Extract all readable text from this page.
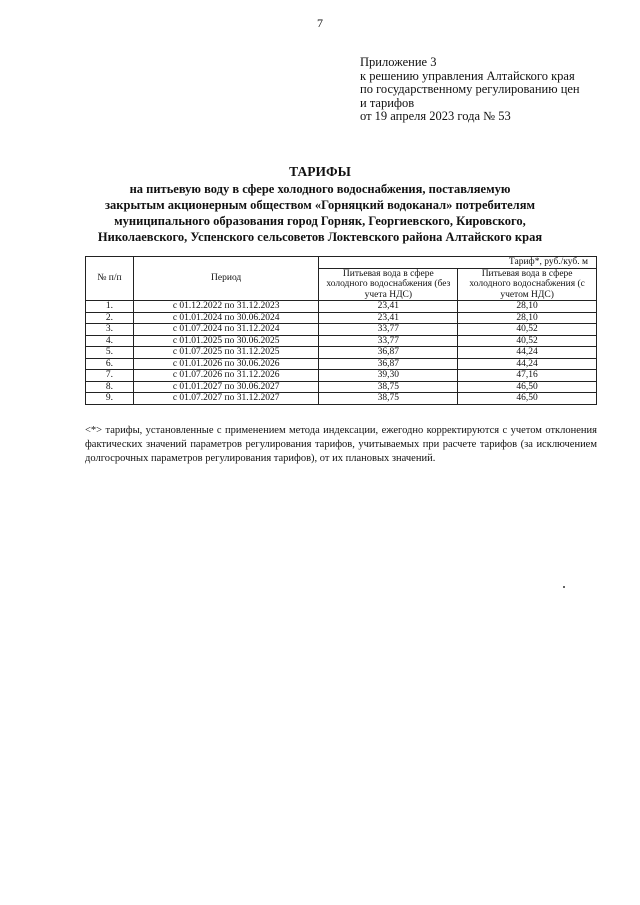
7
Приложение 3
к решению управления Алтайского края
по государственному регулированию цен
и тарифов
от 19 апреля 2023 года № 53
ТАРИФЫ
на питьевую воду в сфере холодного водоснабжения, поставляемую
закрытым акционерным обществом «Горняцкий водоканал» потребителям
муниципального образования город Горняк, Георгиевского, Кировского,
Николаевского, Успенского сельсоветов Локтевского района Алтайского края
№ п/п	Период	Тариф*, руб./куб. м	
		Питьевая вода в сфере холодного водоснабжения (без учета НДС)	Питьевая вода в сфере холодного водоснабжения (с учетом НДС)
1.	с 01.12.2022 по 31.12.2023	23,41	28,10
2.	с 01.01.2024 по 30.06.2024	23,41	28,10
3.	с 01.07.2024 по 31.12.2024	33,77	40,52
4.	с 01.01.2025 по 30.06.2025	33,77	40,52
5.	с 01.07.2025 по 31.12.2025	36,87	44,24
6.	с 01.01.2026 по 30.06.2026	36,87	44,24
7.	с 01.07.2026 по 31.12.2026	39,30	47,16
8.	с 01.01.2027 по 30.06.2027	38,75	46,50
9.	с 01.07.2027 по 31.12.2027	38,75	46,50
<*> тарифы, установленные с применением метода индексации, ежегодно корректируются с учетом отклонения фактических значений параметров регулирования тарифов, учитываемых при расчете тарифов (за исключением долгосрочных параметров регулирования тарифов), от их плановых значений.
